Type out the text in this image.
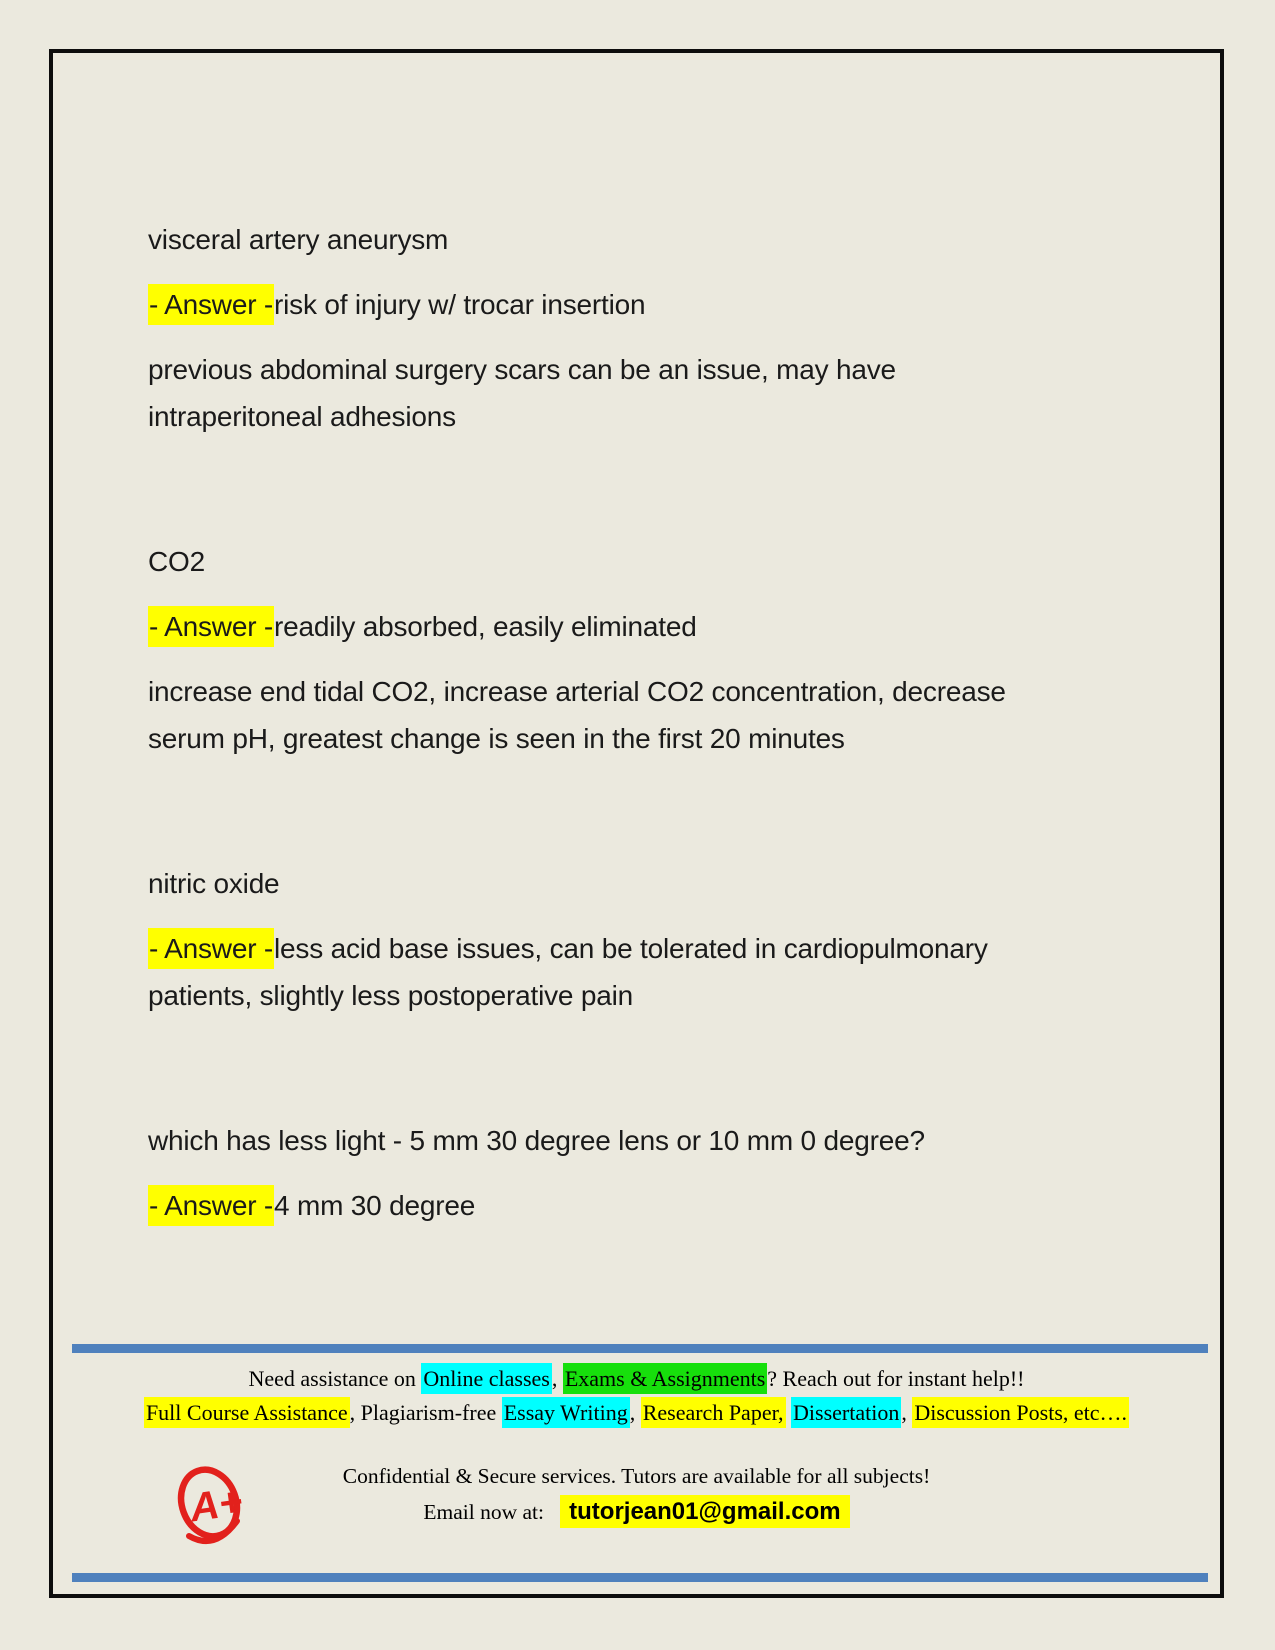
visceral artery aneurysm
- Answer -risk of injury w/ trocar insertion
previous abdominal surgery scars can be an issue, may have
intraperitoneal adhesions
CO2
- Answer -readily absorbed, easily eliminated
increase end tidal CO2, increase arterial CO2 concentration, decrease
serum pH, greatest change is seen in the first 20 minutes
nitric oxide
- Answer -less acid base issues, can be tolerated in cardiopulmonary
patients, slightly less postoperative pain
which has less light - 5 mm 30 degree lens or 10 mm 0 degree?
- Answer -4 mm 30 degree
Need assistance on Online classes, Exams & Assignments? Reach out for instant help!!
Full Course Assistance, Plagiarism-free Essay Writing, Research Paper, Dissertation, Discussion Posts, etc….
A+
Confidential & Secure services. Tutors are available for all subjects!
Email now at: tutorjean01@gmail.com
